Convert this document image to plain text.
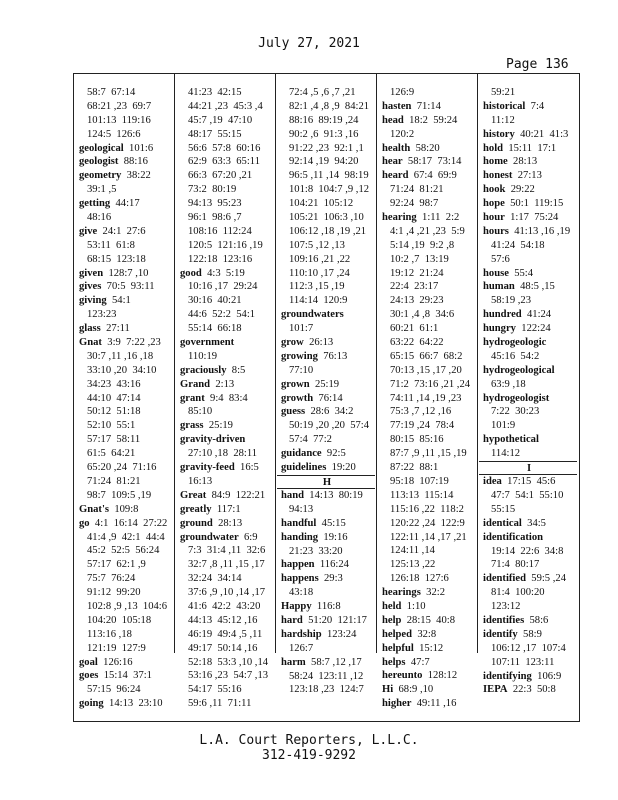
July 27, 2021
Page 136
58:7  67:14
68:21 ,23  69:7
101:13  119:16
124:5  126:6
geological  101:6
geologist  88:16
geometry  38:22
39:1 ,5
getting  44:17
48:16
give  24:1  27:6
53:11  61:8
68:15  123:18
given  128:7 ,10
gives  70:5  93:11
giving  54:1
123:23
glass  27:11
Gnat  3:9  7:22 ,23
30:7 ,11 ,16 ,18
33:10 ,20  34:10
34:23  43:16
44:10  47:14
50:12  51:18
52:10  55:1
57:17  58:11
61:5  64:21
65:20 ,24  71:16
71:24  81:21
98:7  109:5 ,19
Gnat's  109:8
go  4:1  16:14  27:22
41:4 ,9  42:1  44:4
45:2  52:5  56:24
57:17  62:1 ,9
75:7  76:24
91:12  99:20
102:8 ,9 ,13  104:6
104:20  105:18
113:16 ,18
121:19  127:9
goal  126:16
goes  15:14  37:1
57:15  96:24
going  14:13  23:10
41:23  42:15
44:21 ,23  45:3 ,4
45:7 ,19  47:10
48:17  55:15
56:6  57:8  60:16
62:9  63:3  65:11
66:3  67:20 ,21
73:2  80:19
94:13  95:23
96:1  98:6 ,7
108:16  112:24
120:5  121:16 ,19
122:18  123:16
good  4:3  5:19
10:16 ,17  29:24
30:16  40:21
44:6  52:2  54:1
55:14  66:18
government
110:19
graciously  8:5
Grand  2:13
grant  9:4  83:4
85:10
grass  25:19
gravity-driven
27:10 ,18  28:11
gravity-feed  16:5
16:13
Great  84:9  122:21
greatly  117:1
ground  28:13
groundwater  6:9
7:3  31:4 ,11  32:6
32:7 ,8 ,11 ,15 ,17
32:24  34:14
37:6 ,9 ,10 ,14 ,17
41:6  42:2  43:20
44:13  45:12 ,16
46:19  49:4 ,5 ,11
49:17  50:14 ,16
52:18  53:3 ,10 ,14
53:16 ,23  54:7 ,13
54:17  55:16
59:6 ,11  71:11
72:4 ,5 ,6 ,7 ,21
82:1 ,4 ,8 ,9  84:21
88:16  89:19 ,24
90:2 ,6  91:3 ,16
91:22 ,23  92:1 ,1
92:14 ,19  94:20
96:5 ,11 ,14  98:19
101:8  104:7 ,9 ,12
104:21  105:12
105:21  106:3 ,10
106:12 ,18 ,19 ,21
107:5 ,12 ,13
109:16 ,21 ,22
110:10 ,17 ,24
112:3 ,15 ,19
114:14  120:9
groundwaters
101:7
grow  26:13
growing  76:13
77:10
grown  25:19
growth  76:14
guess  28:6  34:2
50:19 ,20 ,20  57:4
57:4  77:2
guidance  92:5
guidelines  19:20
H
hand  14:13  80:19
94:13
handful  45:15
handing  19:16
21:23  33:20
happen  116:24
happens  29:3
43:18
Happy  116:8
hard  51:20  121:17
hardship  123:24
126:7
harm  58:7 ,12 ,17
58:24  123:11 ,12
123:18 ,23  124:7
126:9
hasten  71:14
head  18:2  59:24
120:2
health  58:20
hear  58:17  73:14
heard  67:4  69:9
71:24  81:21
92:24  98:7
hearing  1:11  2:2
4:1 ,4 ,21 ,23  5:9
5:14 ,19  9:2 ,8
10:2 ,7  13:19
19:12  21:24
22:4  23:17
24:13  29:23
30:1 ,4 ,8  34:6
60:21  61:1
63:22  64:22
65:15  66:7  68:2
70:13 ,15 ,17 ,20
71:2  73:16 ,21 ,24
74:11 ,14 ,19 ,23
75:3 ,7 ,12 ,16
77:19 ,24  78:4
80:15  85:16
87:7 ,9 ,11 ,15 ,19
87:22  88:1
95:18  107:19
113:13  115:14
115:16 ,22  118:2
120:22 ,24  122:9
122:11 ,14 ,17 ,21
124:11 ,14
125:13 ,22
126:18  127:6
hearings  32:2
held  1:10
help  28:15  40:8
helped  32:8
helpful  15:12
helps  47:7
hereunto  128:12
Hi  68:9 ,10
higher  49:11 ,16
59:21
historical  7:4
11:12
history  40:21  41:3
hold  15:11  17:1
home  28:13
honest  27:13
hook  29:22
hope  50:1  119:15
hour  1:17  75:24
hours  41:13 ,16 ,19
41:24  54:18
57:6
house  55:4
human  48:5 ,15
58:19 ,23
hundred  41:24
hungry  122:24
hydrogeologic
45:16  54:2
hydrogeological
63:9 ,18
hydrogeologist
7:22  30:23
101:9
hypothetical
114:12
I
idea  17:15  45:6
47:7  54:1  55:10
55:15
identical  34:5
identification
19:14  22:6  34:8
71:4  80:17
identified  59:5 ,24
81:4  100:20
123:12
identifies  58:6
identify  58:9
106:12 ,17  107:4
107:11  123:11
identifying  106:9
IEPA  22:3  50:8
L.A. Court Reporters, L.L.C.
312-419-9292
